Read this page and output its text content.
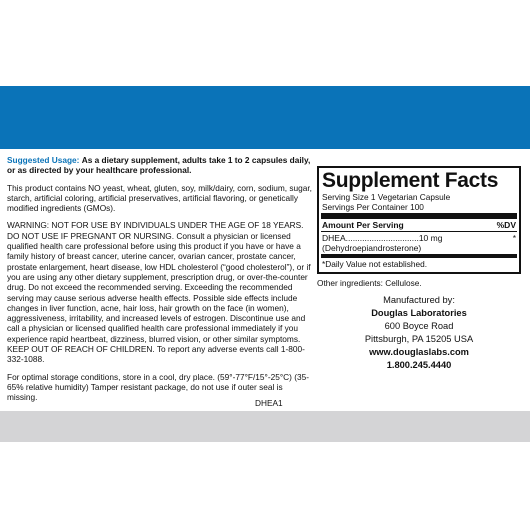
Suggested Usage: As a dietary supplement, adults take 1 to 2 capsules daily, or as directed by your healthcare professional.

This product contains NO yeast, wheat, gluten, soy, milk/dairy, corn, sodium, sugar, starch, artificial coloring, artificial preservatives, artificial flavoring, or genetically modified ingredients (GMOs).

WARNING: NOT FOR USE BY INDIVIDUALS UNDER THE AGE OF 18 YEARS. DO NOT USE IF PREGNANT OR NURSING. Consult a physician or licensed qualified health care professional before using this product if you have or have a family history of breast cancer, uterine cancer, ovarian cancer, prostate cancer, prostate enlargement, heart disease, low HDL cholesterol (“good cholesterol”), or if you are using any other dietary supplement, prescription drug, or over-the-counter drug. Do not exceed the recommended serving. Exceeding the recommended serving may cause serious adverse health effects. Possible side effects include changes in liver function, acne, hair loss, hair growth on the face (in women), aggressiveness, irritability, and increased levels of estrogen. Discontinue use and call a physician or licensed qualified health care professional immediately if you experience rapid heartbeat, dizziness, blurred vision, or other similar symptoms. KEEP OUT OF REACH OF CHILDREN. To report any adverse events call 1-800-332-1088.

For optimal storage conditions, store in a cool, dry place. (59°-77°F/15°-25°C) (35-65% relative humidity) Tamper resistant package, do not use if outer seal is missing.

DHEA1
Supplement Facts
Serving Size 1 Vegetarian Capsule
Servings Per Container 100
Amount Per Serving	%DV
DHEA...............................10 mg	*
(Dehydroepiandrosterone)
*Daily Value not established.
Other ingredients: Cellulose.
Manufactured by:
Douglas Laboratories
600 Boyce Road
Pittsburgh, PA 15205 USA
www.douglaslabs.com
1.800.245.4440
